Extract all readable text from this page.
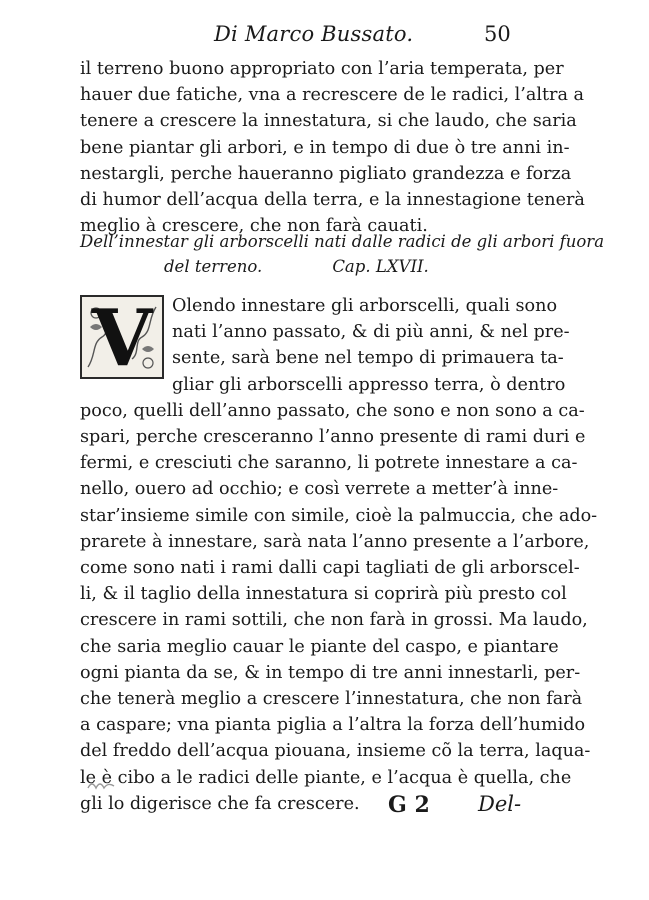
Di Marco Bussato.	50
il terreno buono appropriato con l’aria temperata, per
hauer due fatiche, vna a recrescere de le radici, l’altra a
tenere a crescere la innestatura, si che laudo, che saria
bene piantar gli arbori, e in tempo di due ò tre anni in-
nestargli, perche haueranno pigliato grandezza e forza
di humor dell’acqua della terra, e la innestagione tenerà
meglio à crescere, che non farà cauati.
Dell’innestar gli arborscelli nati dalle radici de gli arbori fuora
del terreno.	Cap. LXVII.
V	Olendo innestare gli arborscelli, quali sono
nati l’anno passato, & di più anni, & nel pre-
sente, sarà bene nel tempo di primauera ta-
gliar gli arborscelli appresso terra, ò dentro
poco, quelli dell’anno passato, che sono e non sono a ca-
spari, perche cresceranno l’anno presente di rami duri e
fermi, e cresciuti che saranno, li potrete innestare a ca-
nello, ouero ad occhio; e così verrete a metter’à inne-
star’insieme simile con simile, cioè la palmuccia, che ado-
prarete à innestare, sarà nata l’anno presente a l’arbore,
come sono nati i rami dalli capi tagliati de gli arborscel-
li, & il taglio della innestatura si coprirà più presto col
crescere in rami sottili, che non farà in grossi. Ma laudo,
che saria meglio cauar le piante del caspo, e piantare
ogni pianta da se, & in tempo di tre anni innestarli, per-
che tenerà meglio a crescere l’innestatura, che non farà
a caspare; vna pianta piglia a l’altra la forza dell’humido
del freddo dell’acqua piouana, insieme cõ la terra, laqua-
le è cibo a le radici delle piante, e l’acqua è quella, che
gli lo digerisce che fa crescere.	G 2 Del-
